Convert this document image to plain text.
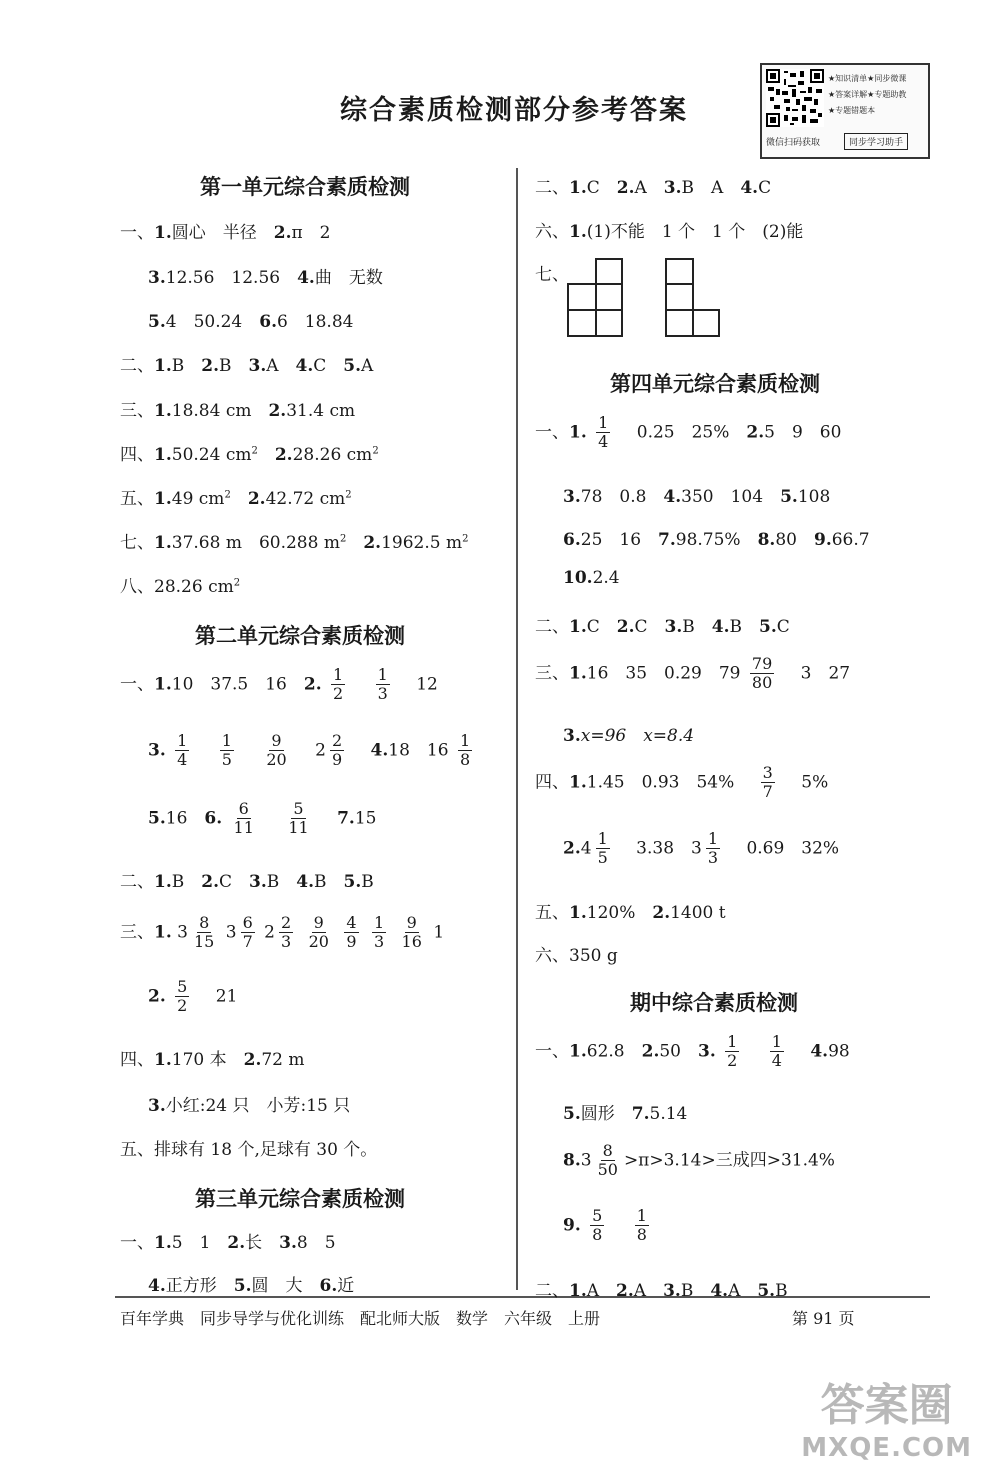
综合素质检测部分参考答案
★知识清单★同步微课
★答案详解★专题助教
★专题错题本
微信扫码获取	同步学习助手
第一单元综合素质检测
一、1.圆心　半径　2.π　2
3.12.56　12.56　4.曲　无数
5.4　50.24　6.6　18.84
二、1.B　2.B　3.A　4.C　5.A
三、1.18.84 cm　2.31.4 cm
四、1.50.24 $cm^2$　 2.28.26 $cm^2$
五、1.49 $cm^2$　 2.42.72 $cm^2$
七、1.37.68 m　60.288 $m^2$　 2.1962.5 $m^2$
八、28.26 $cm^2$
第二单元综合素质检测
一、1.10　37.5　16　2. $\frac{1}{2}$
　 $\frac{1}{3}$
　 12
3. $\frac{1}{4}$
　 $\frac{1}{5}$
　 $\frac{9}{20}$
　 $2 \frac{2}{9}$
　 4.18　$16 \frac{1}{8}$
5.16　6. $\frac{6}{11}$
　 $\frac{5}{11}$
　 7.15
二、1.B　2.C　3.B　4.B　5.B
三、1. $3 \frac{8}{15} 3 \frac{6}{7} 2 \frac{2}{3}$
$\frac{9}{20}$
$\frac{4}{9}$
$\frac{1}{3}$
$\frac{9}{16} 1$
2. $\frac{5}{2}$
　 21
四、1.170 本　2.72 m
3.小红:24 只　小芳:15 只
五、排球有 18 个,足球有 30 个。
第三单元综合素质检测
一、1.5　1　2.长　3.8　5
4.正方形　5.圆　大　6.近
二、1.C　2.A　3.B　A　4.C
六、1.(1)不能　1 个　1 个　(2)能
七、
第四单元综合素质检测
一、1. $\frac{1}{4}$
　 0.25　25%　2.5　9　60
3.78　0.8　4.350　104　5.108
6.25　16　7.98.75%　8.80　9.66.7
10.2.4
二、1.C　2.C　3.B　4.B　5.C
三、1.16　35　0.29　$79 \frac{79}{80}$
　 3　27
3.x=96　x=8.4
四、1.1.45　0.93　54%　 $\frac{3}{7}$
　 5%
$2.4 \frac{1}{5}$
　 3.38　$3 \frac{1}{3}$
　 0.69　32%
五、1.120%　2.1400 t
六、350 g
期中综合素质检测
一、1.62.8　2.50　3. $\frac{1}{2}$
　 $\frac{1}{4}$
　 4.98
5.圆形　7.5.14
$8.3 \frac{8}{50} >\pi>3.14>$三成四>31.4%
9. $\frac{5}{8}$
　 $\frac{1}{8}$
二、1.A　2.A　3.B　4.A　5.B
百年学典　同步导学与优化训练　配北师大版　数学　六年级　上册	第 91 页
答案圈
MXQE.COM
